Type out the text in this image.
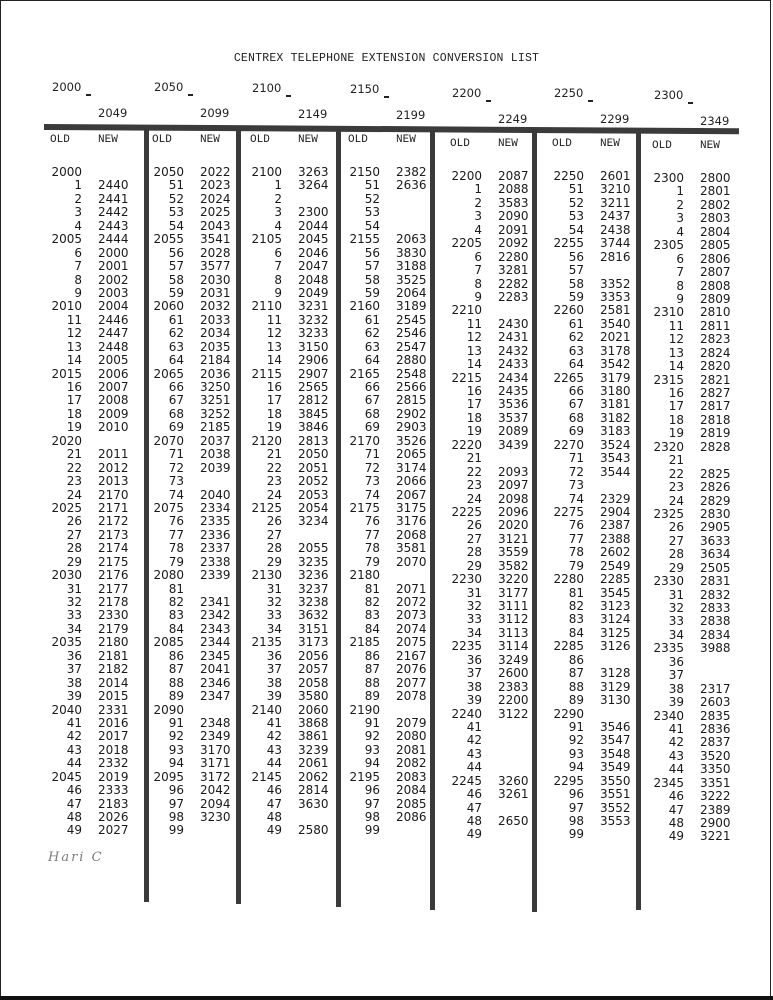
CENTREX TELEPHONE EXTENSION CONVERSION LIST
2000
2049
2050
2099
2100
2149
2150
2199
2200
2249
2250
2299
2300
2349
OLD	NEW
2000
1	2440
2	2441
3	2442
4	2443
2005	2444
6	2000
7	2001
8	2002
9	2003
2010	2004
11	2446
12	2447
13	2448
14	2005
2015	2006
16	2007
17	2008
18	2009
19	2010
2020
21	2011
22	2012
23	2013
24	2170
2025	2171
26	2172
27	2173
28	2174
29	2175
2030	2176
31	2177
32	2178
33	2330
34	2179
2035	2180
36	2181
37	2182
38	2014
39	2015
2040	2331
41	2016
42	2017
43	2018
44	2332
2045	2019
46	2333
47	2183
48	2026
49	2027
OLD	NEW
2050	2022
51	2023
52	2024
53	2025
54	2043
2055	3541
56	2028
57	3577
58	2030
59	2031
2060	2032
61	2033
62	2034
63	2035
64	2184
2065	2036
66	3250
67	3251
68	3252
69	2185
2070	2037
71	2038
72	2039
73
74	2040
2075	2334
76	2335
77	2336
78	2337
79	2338
2080	2339
81
82	2341
83	2342
84	2343
2085	2344
86	2345
87	2041
88	2346
89	2347
2090
91	2348
92	2349
93	3170
94	3171
2095	3172
96	2042
97	2094
98	3230
99
OLD	NEW
2100	3263
1	3264
2
3	2300
4	2044
2105	2045
6	2046
7	2047
8	2048
9	2049
2110	3231
11	3232
12	3233
13	3150
14	2906
2115	2907
16	2565
17	2812
18	3845
19	3846
2120	2813
21	2050
22	2051
23	2052
24	2053
2125	2054
26	3234
27
28	2055
29	3235
2130	3236
31	3237
32	3238
33	3632
34	3151
2135	3173
36	2056
37	2057
38	2058
39	3580
2140	2060
41	3868
42	3861
43	3239
44	2061
2145	2062
46	2814
47	3630
48
49	2580
OLD	NEW
2150	2382
51	2636
52
53
54
2155	2063
56	3830
57	3188
58	3525
59	2064
2160	3189
61	2545
62	2546
63	2547
64	2880
2165	2548
66	2566
67	2815
68	2902
69	2903
2170	3526
71	2065
72	3174
73	2066
74	2067
2175	3175
76	3176
77	2068
78	3581
79	2070
2180
81	2071
82	2072
83	2073
84	2074
2185	2075
86	2167
87	2076
88	2077
89	2078
2190
91	2079
92	2080
93	2081
94	2082
2195	2083
96	2084
97	2085
98	2086
99
OLD	NEW
2200	2087
1	2088
2	3583
3	2090
4	2091
2205	2092
6	2280
7	3281
8	2282
9	2283
2210
11	2430
12	2431
13	2432
14	2433
2215	2434
16	2435
17	3536
18	3537
19	2089
2220	3439
21
22	2093
23	2097
24	2098
2225	2096
26	2020
27	3121
28	3559
29	3582
2230	3220
31	3177
32	3111
33	3112
34	3113
2235	3114
36	3249
37	2600
38	2383
39	2200
2240	3122
41
42
43
44
2245	3260
46	3261
47
48	2650
49
OLD	NEW
2250	2601
51	3210
52	3211
53	2437
54	2438
2255	3744
56	2816
57
58	3352
59	3353
2260	2581
61	3540
62	2021
63	3178
64	3542
2265	3179
66	3180
67	3181
68	3182
69	3183
2270	3524
71	3543
72	3544
73
74	2329
2275	2904
76	2387
77	2388
78	2602
79	2549
2280	2285
81	3545
82	3123
83	3124
84	3125
2285	3126
86
87	3128
88	3129
89	3130
2290
91	3546
92	3547
93	3548
94	3549
2295	3550
96	3551
97	3552
98	3553
99
OLD	NEW
2300	2800
1	2801
2	2802
3	2803
4	2804
2305	2805
6	2806
7	2807
8	2808
9	2809
2310	2810
11	2811
12	2823
13	2824
14	2820
2315	2821
16	2827
17	2817
18	2818
19	2819
2320	2828
21
22	2825
23	2826
24	2829
2325	2830
26	2905
27	3633
28	3634
29	2505
2330	2831
31	2832
32	2833
33	2838
34	2834
2335	3988
36
37
38	2317
39	2603
2340	2835
41	2836
42	2837
43	3520
44	3350
2345	3351
46	3222
47	2389
48	2900
49	3221
Hari C
